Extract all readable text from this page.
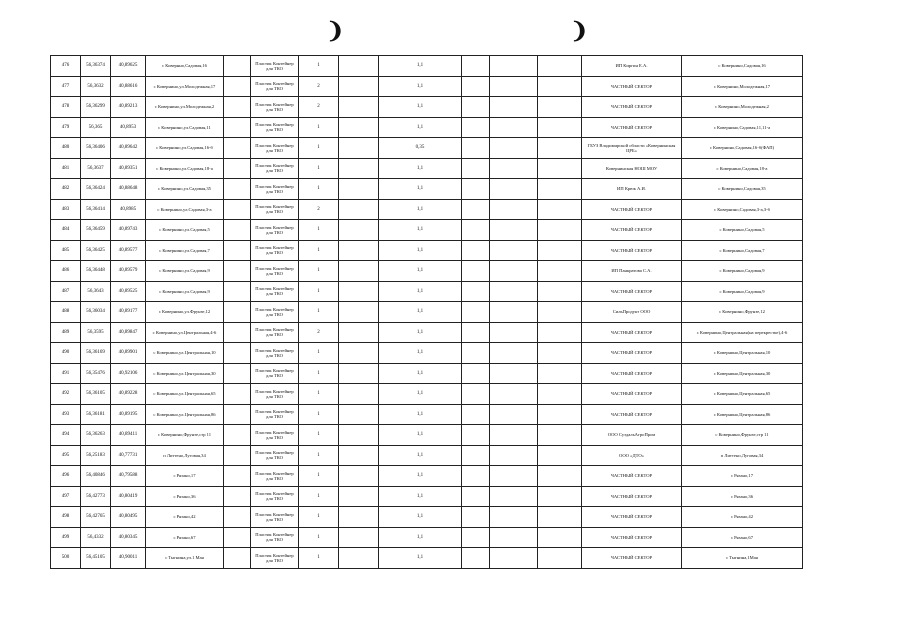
❩	❩
476	56,36374	40,89625	с Ковернно,Садовая,16		Пластик Контейнер для ТКО	1		1,1				ИП Киргин Е.А.	с Ковернино,Садовая,16
477	56,3632	40,88616	с Ковернино,ул.Молодежная,17		Пластик Контейнер для ТКО	2		1,1				ЧАСТНЫЙ СЕКТОР	с Ковернино,Молодежная,17
478	56,36299	40,89213	с Ковернино,ул.Молодежная,2		Пластик Контейнер для ТКО	2		1,1				ЧАСТНЫЙ СЕКТОР	с Ковернино,Молодежная,2
479	56,365	40,8953	с Ковернино,ул.Садовая,11		Пластик Контейнер для ТКО	1		1,1				ЧАСТНЫЙ СЕКТОР	с Ковернино,Садовая,11,11-а
480	56,36406	40,89642	с Ковернино,ул.Садовая,16-б		Пластик Контейнер для ТКО	1		0,35				ГБУЗ Владимирской области «Ковернинская ЦРБ»	с Ковернино,Садовая,16-б(ФАП)
481	56,3637	40,89351	с Ковернино,ул.Садовая,18-а		Пластик Контейнер для ТКО	1		1,1				Ковернинская НОШ МОУ	с Ковернино,Садовая,18-а
482	56,36424	40,88648	с Ковернино,ул.Садовая,35		Пластик Контейнер для ТКО	1		1,1				ИП Крюк А.И.	с Ковернино,Садовая,35
483	56,36414	40,8985	с Ковернино,ул.Садовая,3-а		Пластик Контейнер для ТКО	2		1,1				ЧАСТНЫЙ СЕКТОР	с Ковернино,Садовая,3-а,3-б
484	56,36459	40,89743	с Ковернино,ул.Садовая,5		Пластик Контейнер для ТКО	1		1,1				ЧАСТНЫЙ СЕКТОР	с Ковернино,Садовая,5
485	56,36425	40,89577	с Ковернино,ул.Садовая,7		Пластик Контейнер для ТКО	1		1,1				ЧАСТНЫЙ СЕКТОР	с Ковернино,Садовая,7
486	56,36448	40,89579	с Ковернино,ул.Садовая,9		Пластик Контейнер для ТКО	1		1,1				ИП Панкратова С.А.	с Ковернино,Садовая,9
487	56,3643	40,89525	с Ковернино,ул.Садовая,9		Пластик Контейнер для ТКО	1		1,1				ЧАСТНЫЙ СЕКТОР	с Ковернино,Садовая,9
488	56,36034	40,89177	с Ковернино,ул.Фрунзе,12		Пластик Контейнер для ТКО	1		1,1				СильПродукт ООО	с Ковернино,Фрунзе,12
489	56,3595	40,89847	с Ковернино,ул.Центральная,4-6		Пластик Контейнер для ТКО	2		1,1				ЧАСТНЫЙ СЕКТОР	с Ковернино,Центральная(на перекрестке),4-6
490	56,36169	40,89901	с Ковернино,ул.Центральная,10		Пластик Контейнер для ТКО	1		1,1				ЧАСТНЫЙ СЕКТОР	с Ковернино,Центральная,10
491	56,35476	40,92106	с Ковернино,ул.Центральная,30		Пластик Контейнер для ТКО	1		1,1				ЧАСТНЫЙ СЕКТОР	с Ковернино,Центральная,30
492	56,36105	40,89228	с Ковернино,ул.Центральная,65		Пластик Контейнер для ТКО	1		1,1				ЧАСТНЫЙ СЕКТОР	с Ковернино,Центральная,65
493	56,36181	40,89195	с Ковернино,ул.Центральная,86		Пластик Контейнер для ТКО	1		1,1				ЧАСТНЫЙ СЕКТОР	с Ковернино,Центральная,86
494	56,36263	40,89411	с Ковернино,Фрунзе,стр 11		Пластик Контейнер для ТКО	1		1,1				ООО СуздальАгроПром	с Ковернино,Фрунзе,стр 11
495	56,25183	40,77731	п Литтено,Луговая,34		Пластик Контейнер для ТКО	1		1,1				ООО «ДТО»	п Литтено,Луговая,34
496	56,40846	40,79588	с Рязано,17		Пластик Контейнер для ТКО	1		1,1				ЧАСТНЫЙ СЕКТОР	с Рязано,17
497	56,42773	40,80419	с Рязано,36		Пластик Контейнер для ТКО	1		1,1				ЧАСТНЫЙ СЕКТОР	с Рязано,36
498	56,42765	40,80495	с Рязано,42		Пластик Контейнер для ТКО	1		1,1				ЧАСТНЫЙ СЕКТОР	с Рязано,42
499	56,4332	40,80345	с Рязано,67		Пластик Контейнер для ТКО	1		1,1				ЧАСТНЫЙ СЕКТОР	с Рязано,67
500	56,45105	40,90011	с Тыгнина,ул.1 Мая		Пластик Контейнер для ТКО	1		1,1				ЧАСТНЫЙ СЕКТОР	с Тыгнина,1Мая
